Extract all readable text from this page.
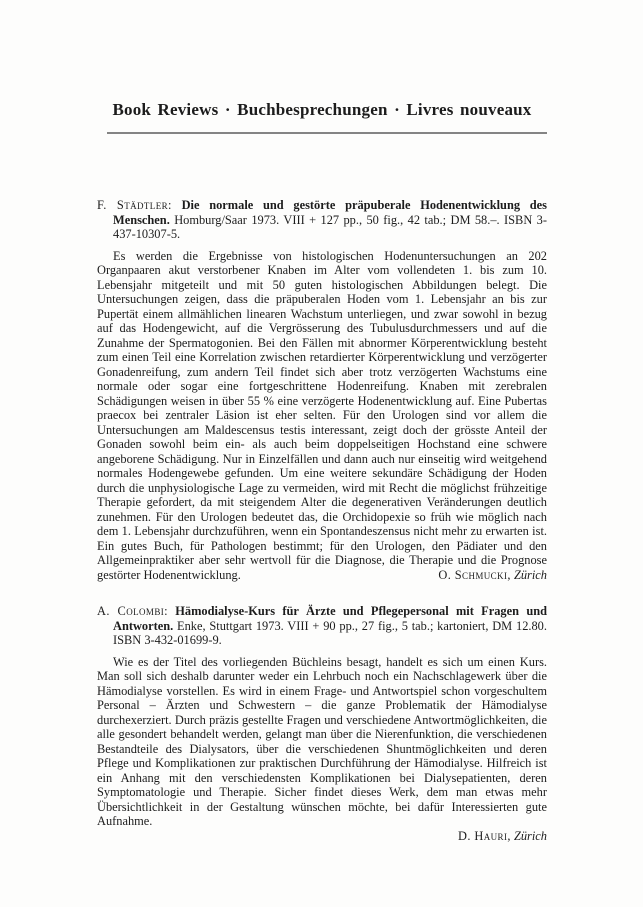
Book Reviews · Buchbesprechungen · Livres nouveaux

F. Städtler: Die normale und gestörte präpuberale Hodenentwicklung des Menschen. Homburg/Saar 1973. VIII + 127 pp., 50 fig., 42 tab.; DM 58.–. ISBN 3-437-10307-5.

Es werden die Ergebnisse von histologischen Hodenuntersuchungen an 202 Organpaaren akut verstorbener Knaben im Alter vom vollendeten 1. bis zum 10. Lebensjahr mitgeteilt und mit 50 guten histologischen Abbildungen belegt. Die Untersuchungen zeigen, dass die präpuberalen Hoden vom 1. Lebensjahr an bis zur Pupertät einem allmählichen linearen Wachstum unterliegen, und zwar sowohl in bezug auf das Hodengewicht, auf die Vergrösserung des Tubulusdurchmessers und auf die Zunahme der Spermatogonien. Bei den Fällen mit abnormer Körperentwicklung besteht zum einen Teil eine Korrelation zwischen retardierter Körperentwicklung und verzögerter Gonadenreifung, zum andern Teil findet sich aber trotz verzögerten Wachstums eine normale oder sogar eine fortgeschrittene Hodenreifung. Knaben mit zerebralen Schädigungen weisen in über 55 % eine verzögerte Hodenentwicklung auf. Eine Pubertas praecox bei zentraler Läsion ist eher selten. Für den Urologen sind vor allem die Untersuchungen am Maldescensus testis interessant, zeigt doch der grösste Anteil der Gonaden sowohl beim ein- als auch beim doppelseitigen Hochstand eine schwere angeborene Schädigung. Nur in Einzelfällen und dann auch nur einseitig wird weitgehend normales Hodengewebe gefunden. Um eine weitere sekundäre Schädigung der Hoden durch die unphysiologische Lage zu vermeiden, wird mit Recht die möglichst frühzeitige Therapie gefordert, da mit steigendem Alter die degenerativen Veränderungen deutlich zunehmen. Für den Urologen bedeutet das, die Orchidopexie so früh wie möglich nach dem 1. Lebensjahr durchzuführen, wenn ein Spontandeszensus nicht mehr zu erwarten ist. Ein gutes Buch, für Pathologen bestimmt; für den Urologen, den Pädiater und den Allgemeinpraktiker aber sehr wertvoll für die Diagnose, die Therapie und die Prognose gestörter Hodenentwicklung.	O. Schmucki, Zürich

A. Colombi: Hämodialyse-Kurs für Ärzte und Pflegepersonal mit Fragen und Antworten. Enke, Stuttgart 1973. VIII + 90 pp., 27 fig., 5 tab.; kartoniert, DM 12.80. ISBN 3-432-01699-9.

Wie es der Titel des vorliegenden Büchleins besagt, handelt es sich um einen Kurs. Man soll sich deshalb darunter weder ein Lehrbuch noch ein Nachschlagewerk über die Hämodialyse vorstellen. Es wird in einem Frage- und Antwortspiel schon vorgeschultem Personal – Ärzten und Schwestern – die ganze Problematik der Hämodialyse durchexerziert. Durch präzis gestellte Fragen und verschiedene Antwortmöglichkeiten, die alle gesondert behandelt werden, gelangt man über die Nierenfunktion, die verschiedenen Bestandteile des Dialysators, über die verschiedenen Shuntmöglichkeiten und deren Pflege und Komplikationen zur praktischen Durchführung der Hämodialyse. Hilfreich ist ein Anhang mit den verschiedensten Komplikationen bei Dialysepatienten, deren Symptomatologie und Therapie. Sicher findet dieses Werk, dem man etwas mehr Übersichtlichkeit in der Gestaltung wünschen möchte, bei dafür Interessierten gute Aufnahme.

D. Hauri, Zürich
